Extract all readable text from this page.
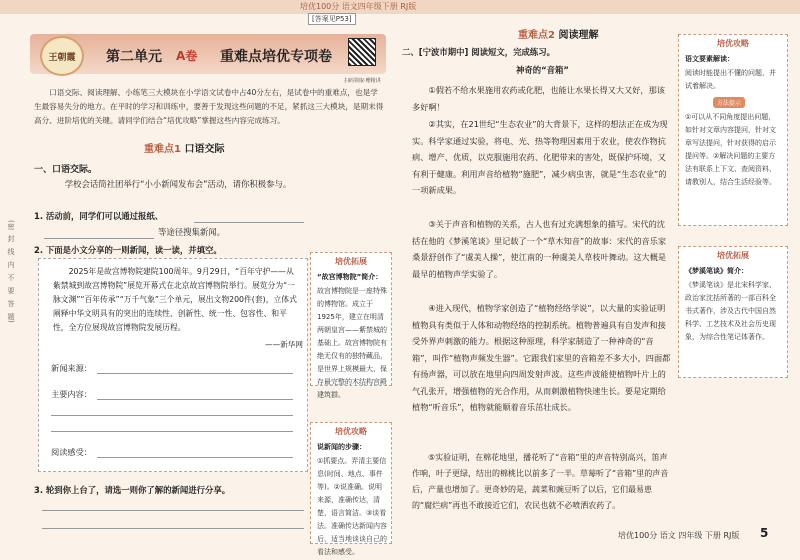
培优100分 语文四年级下册 RJ版
[答案见P53]
(密
封
线
内
不
要
答
题)
王朝霞	第二单元 A卷 重难点培优专项卷
扫码领取·赠精讲
口语交际、阅读理解、小练笔三大模块在小学语文试卷中占40分左右，是试卷中的重难点，也是学生最容易失分的地方。在平时的学习和训练中，要善于发现这些问题的不足，紧抓这三大模块，是期末得高分、进阶培优的关键。请同学们结合“培优攻略”掌握这些内容完成练习。
重难点1 口语交际
一、口语交际。
学校会话筒社团举行“小小新闻发布会”活动，请你积极参与。
1. 活动前，同学们可以通过报纸、
等途径搜集新闻。
2. 下面是小文分享的一则新闻，读一读，并填空。
2025年是故宫博物院建院100周年。9月29日，“百年守护——从紫禁城到故宫博物院”展览开幕式在北京故宫博物院举行。展览分为“一脉文渊”“百年传承”“万千气象”三个单元，展出文物200件(套)，立体式阐释中华文明具有的突出的连续性、创新性、统一性、包容性、和平性，全方位展现故宫博物院发展历程。
——新华网
新闻来源：
主要内容：
阅读感受：
3. 轮到你上台了，请选一则你了解的新闻进行分享。
培优拓展
“故宫博物院”简介：
故宫博物院是一座特殊的博物馆。成立于1925年，建立在明清两朝皇宫——紫禁城的基础上。故宫博物院有绝无仅有的独特藏品，是世界上规模最大、保存最完整的木结构宫殿建筑群。
培优攻略
说新闻的步骤：
①抓要点。弄清主要信息(时间、地点、事件等)。②说准确。说明来源，准确传达，清楚，语言简洁。③谈看法。准确传达新闻内容后，适当地谈谈自己的看法和感受。
重难点2 阅读理解
二、[宁波市期中] 阅读短文，完成练习。
神奇的“音箱”
①假若不给水果施用农药或化肥，也能让水果长得又大又好，那该多好啊！
②其实，在21世纪“生态农业”的大背景下，这样的想法正在成为现实。科学家通过实验，将电、光、热等物理因素用于农业，使农作物抗病、增产、优质，以克服施用农药、化肥带来的害处，既保护环境，又有利于健康。利用声音给植物“施肥”，减少病虫害，就是“生态农业”的一项新成果。
③关于声音和植物的关系，古人也有过充满想象的描写。宋代的沈括在他的《梦溪笔谈》里记载了一个“草木知音”的故事：宋代的音乐家桑景舒创作了“虞美人操”，使江南的一种虞美人草枝叶舞动。这大概是最早的植物声学实验了。
④进入现代，植物学家创造了“植物经络学说”，以大量的实验证明植物具有类似于人体和动物经络的控制系统。植物普遍具有自发声和接受外界声刺激的能力。根据这种原理，科学家制造了一种神奇的“音箱”，叫作“植物声频发生器”。它跟我们家里的音箱差不多大小，四面都有扬声器，可以放在地里向四周发射声波。这些声波能使植物叶片上的气孔张开，增强植物的光合作用，从而刺激植物快速生长。要是定期给植物“听音乐”，植物就能顺着音乐茁壮成长。
⑤实验证明，在棉花地里，播花听了“音箱”里的声音特别高兴，笛声作响，叶子更绿，结出的棉桃比以前多了一半。草莓听了“音箱”里的声音后，产量也增加了。更奇妙的是，蔬菜和豌豆听了以后，它们最易患的“腐烂病”再也不敢接近它们，农民也就不必喷洒农药了。
培优攻略
语文要素解读：
阅读时能提出不懂的问题，并试着解决。
方法提示
①可以从不同角度提出问题，如针对文章内容提问，针对文章写法提问，针对获得的启示提问等。②解决问题的主要方法有联系上下文、查阅资料、请教别人，结合生活经验等。
培优拓展
《梦溪笔谈》简介：
《梦溪笔谈》是北宋科学家、政治家沈括所著的一部百科全书式著作，涉及古代中国自然科学、工艺技术及社会历史现象，为综合性笔记体著作。
培优100分 语文 四年级 下册 RJ版 5
